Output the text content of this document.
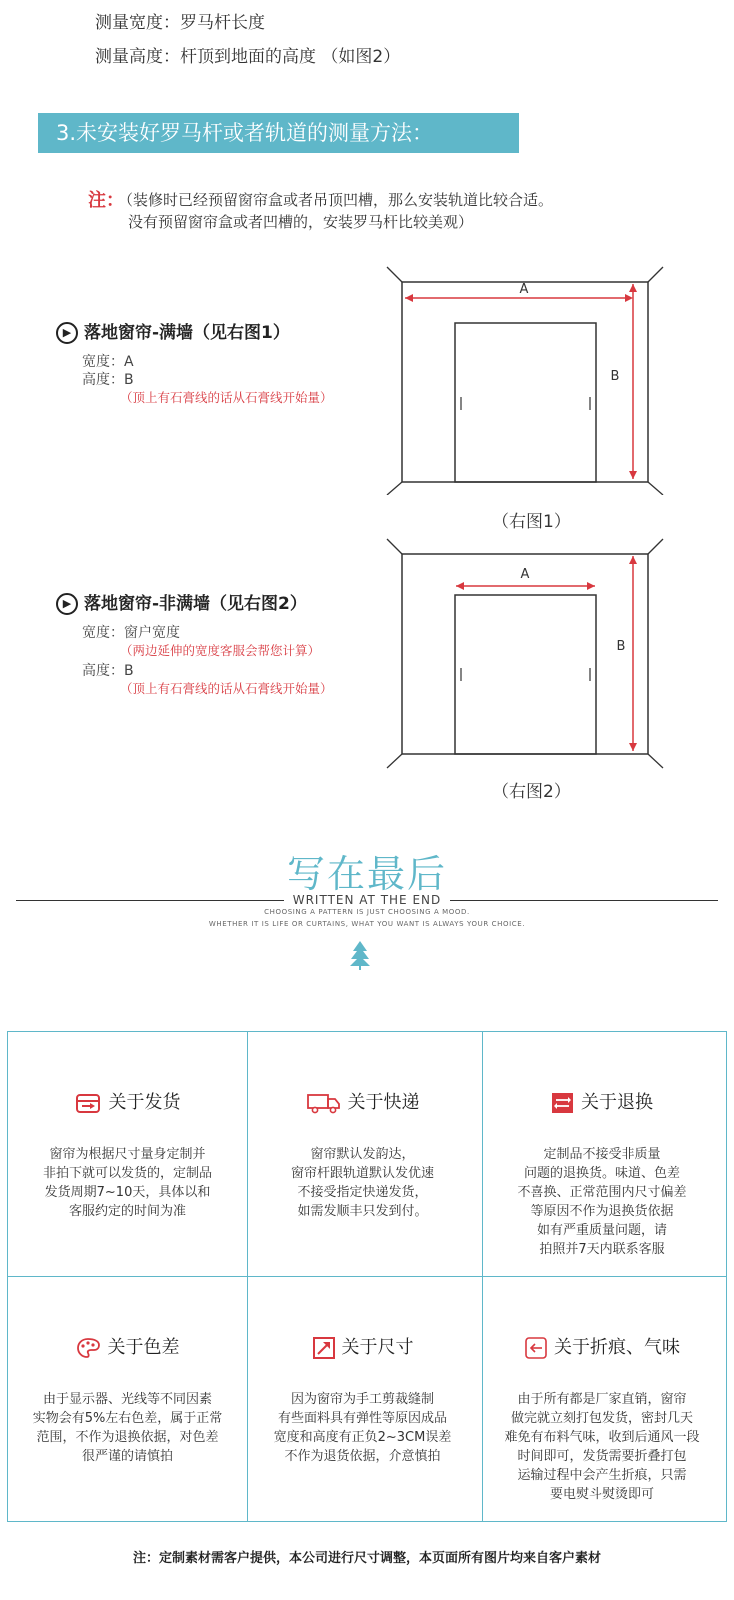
测量宽度：罗马杆长度
测量高度：杆顶到地面的高度 （如图2）
3.未安装好罗马杆或者轨道的测量方法：
注：
（装修时已经预留窗帘盒或者吊顶凹槽，那么安装轨道比较合适。
没有预留窗帘盒或者凹槽的，安装罗马杆比较美观）
▶ 落地窗帘-满墙（见右图1）
宽度：A
高度：B
（顶上有石膏线的话从石膏线开始量）
A
B
（右图1）
▶ 落地窗帘-非满墙（见右图2）
宽度：窗户宽度
（两边延伸的宽度客服会帮您计算）
高度：B
（顶上有石膏线的话从石膏线开始量）
A
B
（右图2）
写在最后
WRITTEN AT THE END
CHOOSING A PATTERN IS JUST CHOOSING A MOOD.
WHETHER IT IS LIFE OR CURTAINS, WHAT YOU WANT IS ALWAYS YOUR CHOICE.
关于发货
窗帘为根据尺寸量身定制并
非拍下就可以发货的，定制品
发货周期7~10天，具体以和
客服约定的时间为准
关于快递
窗帘默认发韵达，
窗帘杆跟轨道默认发优速
不接受指定快递发货，
如需发顺丰只发到付。
关于退换
定制品不接受非质量
问题的退换货。味道、色差
不喜换、正常范围内尺寸偏差
等原因不作为退换货依据
如有严重质量问题，请
拍照并7天内联系客服
关于色差
由于显示器、光线等不同因素
实物会有5%左右色差，属于正常
范围，不作为退换依据，对色差
很严谨的请慎拍
关于尺寸
因为窗帘为手工剪裁缝制
有些面料具有弹性等原因成品
宽度和高度有正负2~3CM误差
不作为退货依据，介意慎拍
关于折痕、气味
由于所有都是厂家直销，窗帘
做完就立刻打包发货，密封几天
难免有布料气味，收到后通风一段
时间即可，发货需要折叠打包
运输过程中会产生折痕，只需
要电熨斗熨烫即可
注：定制素材需客户提供，本公司进行尺寸调整，本页面所有图片均来自客户素材
